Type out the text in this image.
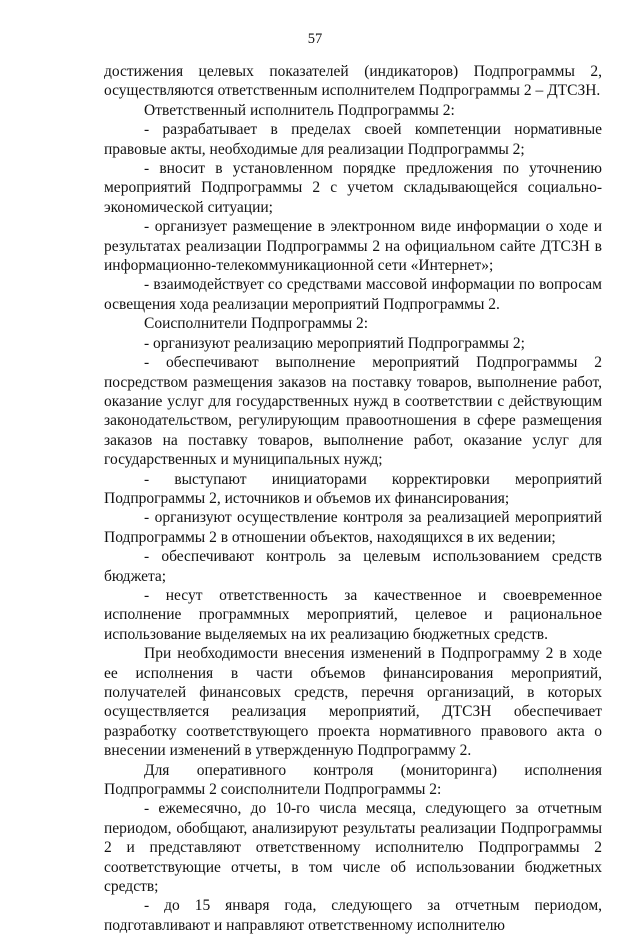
57

достижения целевых показателей (индикаторов) Подпрограммы 2, осуществляются ответственным исполнителем Подпрограммы 2 – ДТСЗН.

Ответственный исполнитель Подпрограммы 2:

- разрабатывает в пределах своей компетенции нормативные правовые акты, необходимые для реализации Подпрограммы 2;

- вносит в установленном порядке предложения по уточнению мероприятий Подпрограммы 2 с учетом складывающейся социально-экономической ситуации;

- организует размещение в электронном виде информации о ходе и результатах реализации Подпрограммы 2 на официальном сайте ДТСЗН в информационно-телекоммуникационной сети «Интернет»;

- взаимодействует со средствами массовой информации по вопросам освещения хода реализации мероприятий Подпрограммы 2.

Соисполнители Подпрограммы 2:

- организуют реализацию мероприятий Подпрограммы 2;

- обеспечивают выполнение мероприятий Подпрограммы 2 посредством размещения заказов на поставку товаров, выполнение работ, оказание услуг для государственных нужд в соответствии с действующим законодательством, регулирующим правоотношения в сфере размещения заказов на поставку товаров, выполнение работ, оказание услуг для государственных и муниципальных нужд;

- выступают инициаторами корректировки мероприятий Подпрограммы 2, источников и объемов их финансирования;

- организуют осуществление контроля за реализацией мероприятий Подпрограммы 2 в отношении объектов, находящихся в их ведении;

- обеспечивают контроль за целевым использованием средств бюджета;

- несут ответственность за качественное и своевременное исполнение программных мероприятий, целевое и рациональное использование выделяемых на их реализацию бюджетных средств.

При необходимости внесения изменений в Подпрограмму 2 в ходе ее исполнения в части объемов финансирования мероприятий, получателей финансовых средств, перечня организаций, в которых осуществляется реализация мероприятий, ДТСЗН обеспечивает разработку соответствующего проекта нормативного правового акта о внесении изменений в утвержденную Подпрограмму 2.

Для оперативного контроля (мониторинга) исполнения Подпрограммы 2 соисполнители Подпрограммы 2:

- ежемесячно, до 10-го числа месяца, следующего за отчетным периодом, обобщают, анализируют результаты реализации Подпрограммы 2 и представляют ответственному исполнителю Подпрограммы 2 соответствующие отчеты, в том числе об использовании бюджетных средств;

- до 15 января года, следующего за отчетным периодом, подготавливают и направляют ответственному исполнителю
